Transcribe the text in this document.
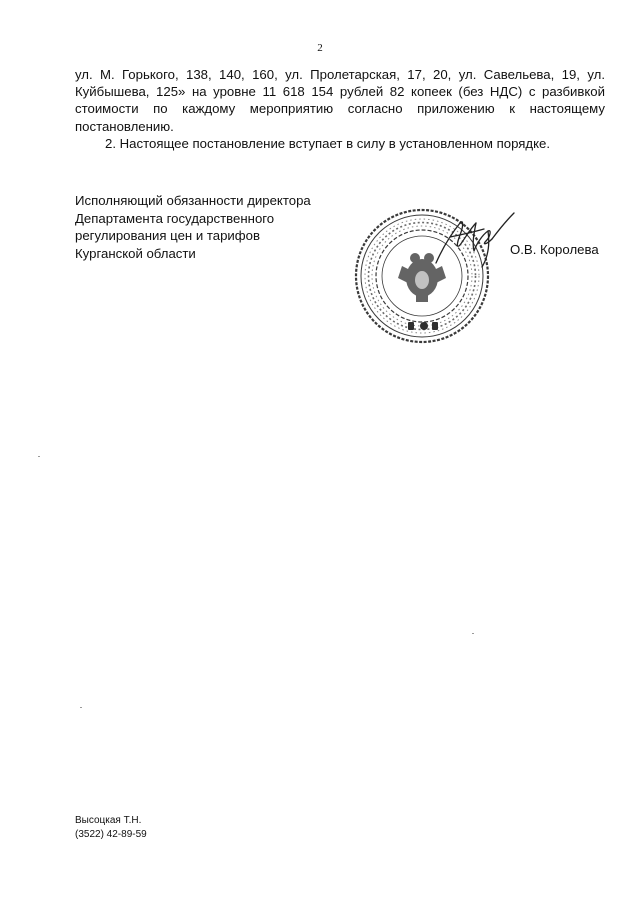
2

ул. М. Горького, 138, 140, 160, ул. Пролетарская, 17, 20, ул. Савельева, 19, ул. Куйбышева, 125» на уровне 11 618 154 рублей 82 копеек (без НДС) с разбивкой стоимости по каждому мероприятию согласно приложению к настоящему постановлению.

2. Настоящее постановление вступает в силу в установленном порядке.

Исполняющий обязанности директора
Департамента государственного
регулирования цен и тарифов
Курганской области	О.В. Королева
Высоцкая Т.Н.
(3522) 42-89-59
